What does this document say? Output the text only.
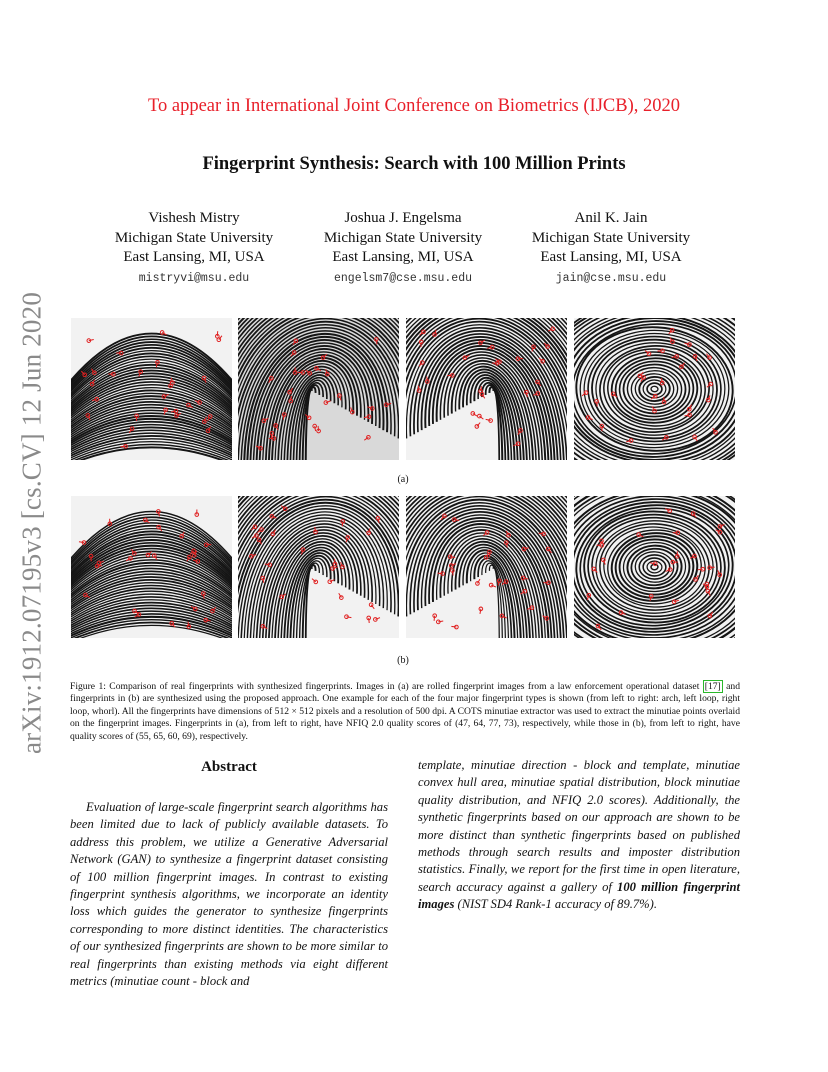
arXiv:1912.07195v3 [cs.CV] 12 Jun 2020
To appear in International Joint Conference on Biometrics (IJCB), 2020
Fingerprint Synthesis: Search with 100 Million Prints
Vishesh Mistry
Michigan State University
East Lansing, MI, USA
mistryvi@msu.edu
Joshua J. Engelsma
Michigan State University
East Lansing, MI, USA
engelsm7@cse.msu.edu
Anil K. Jain
Michigan State University
East Lansing, MI, USA
jain@cse.msu.edu
(a)
(b)
Figure 1: Comparison of real fingerprints with synthesized fingerprints. Images in (a) are rolled fingerprint images from a law enforcement operational dataset [17] and fingerprints in (b) are synthesized using the proposed approach. One example for each of the four major fingerprint types is shown (from left to right: arch, left loop, right loop, whorl). All the fingerprints have dimensions of 512 × 512 pixels and a resolution of 500 dpi. A COTS minutiae extractor was used to extract the minutiae points overlaid on the fingerprint images. Fingerprints in (a), from left to right, have NFIQ 2.0 quality scores of (47, 64, 77, 73), respectively, while those in (b), from left to right, have quality scores of (55, 65, 60, 69), respectively.
Abstract
Evaluation of large-scale fingerprint search algorithms has been limited due to lack of publicly available datasets. To address this problem, we utilize a Generative Adversarial Network (GAN) to synthesize a fingerprint dataset consisting of 100 million fingerprint images. In contrast to existing fingerprint synthesis algorithms, we incorporate an identity loss which guides the generator to synthesize fingerprints corresponding to more distinct identities. The characteristics of our synthesized fingerprints are shown to be more similar to real fingerprints than existing methods via eight different metrics (minutiae count - block and
template, minutiae direction - block and template, minutiae convex hull area, minutiae spatial distribution, block minutiae quality distribution, and NFIQ 2.0 scores). Additionally, the synthetic fingerprints based on our approach are shown to be more distinct than synthetic fingerprints based on published methods through search results and imposter distribution statistics. Finally, we report for the first time in open literature, search accuracy against a gallery of 100 million fingerprint images (NIST SD4 Rank-1 accuracy of 89.7%).
